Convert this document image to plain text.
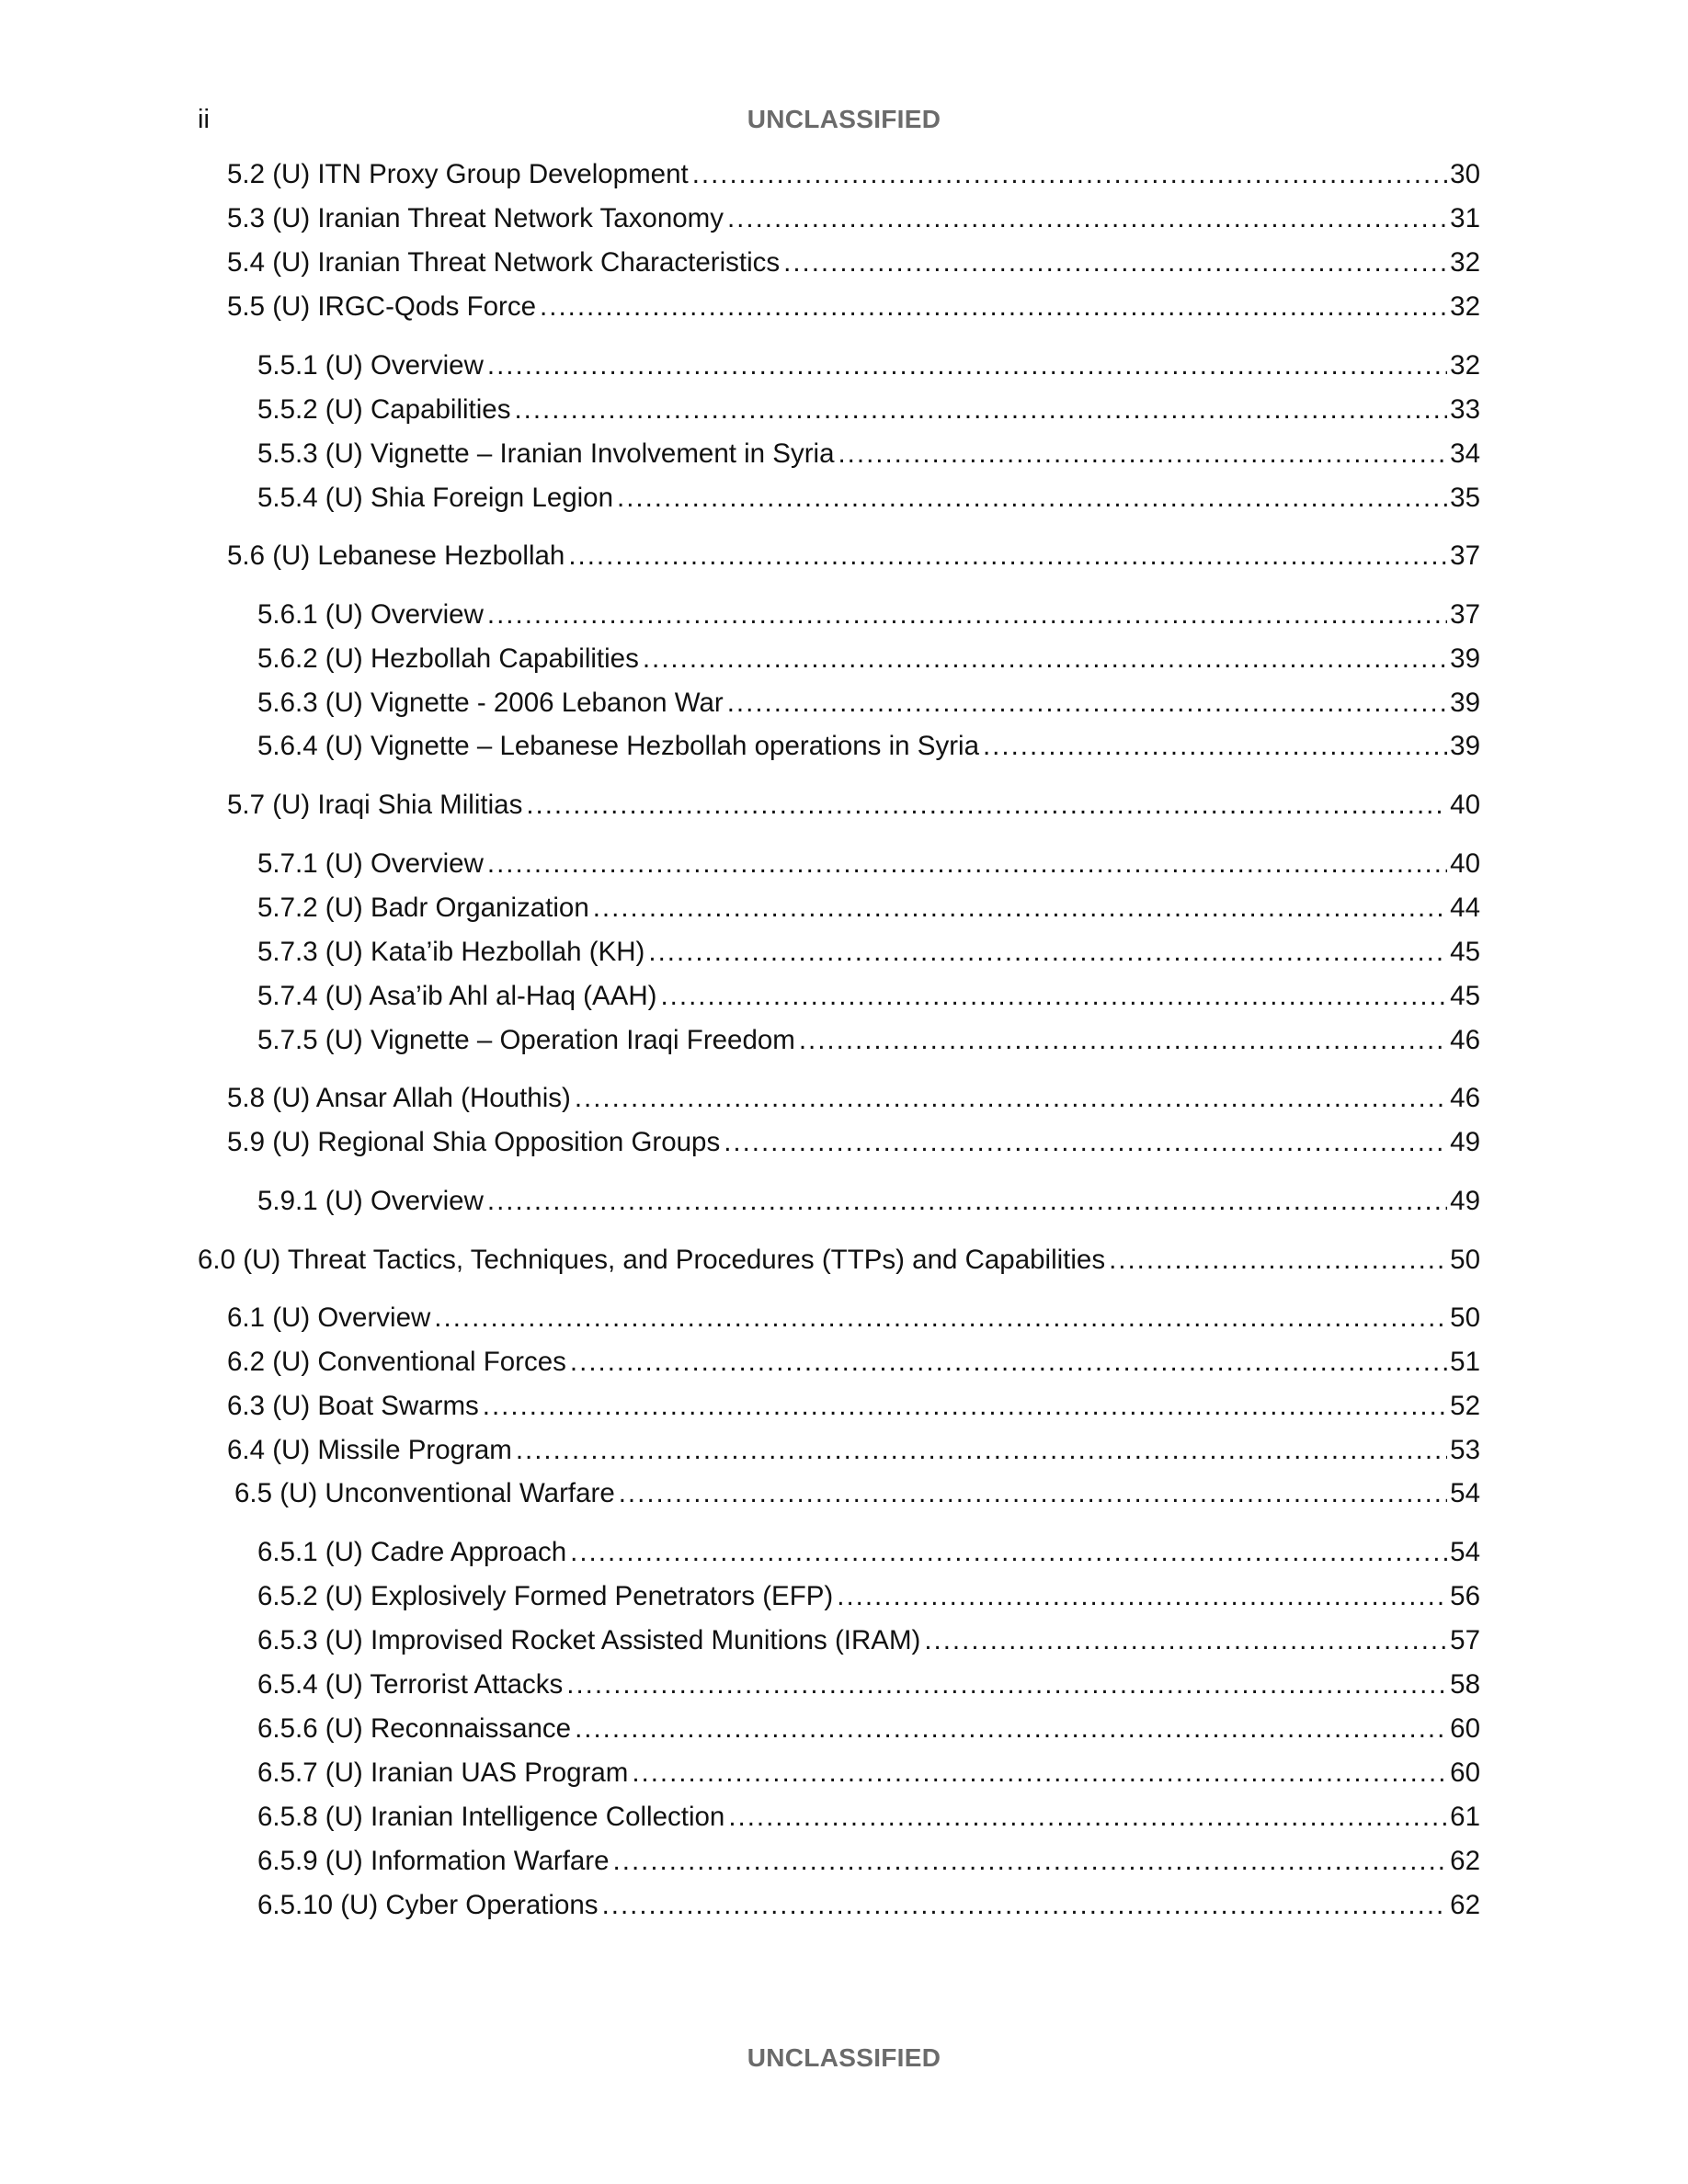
ii	UNCLASSIFIED
5.2 (U) ITN Proxy Group Development .....	30
5.3 (U) Iranian Threat Network Taxonomy .....	31
5.4 (U) Iranian Threat Network Characteristics .....	32
5.5 (U) IRGC-Qods Force .....	32
5.5.1 (U) Overview .....	32
5.5.2 (U) Capabilities .....	33
5.5.3 (U) Vignette – Iranian Involvement in Syria .....	34
5.5.4 (U) Shia Foreign Legion .....	35
5.6 (U) Lebanese Hezbollah .....	37
5.6.1 (U) Overview .....	37
5.6.2 (U) Hezbollah Capabilities .....	39
5.6.3 (U) Vignette - 2006 Lebanon War .....	39
5.6.4 (U) Vignette – Lebanese Hezbollah operations in Syria .....	39
5.7 (U) Iraqi Shia Militias .....	40
5.7.1 (U) Overview .....	40
5.7.2 (U) Badr Organization .....	44
5.7.3 (U) Kata’ib Hezbollah (KH) .....	45
5.7.4 (U) Asa’ib Ahl al-Haq (AAH) .....	45
5.7.5 (U) Vignette – Operation Iraqi Freedom .....	46
5.8 (U) Ansar Allah (Houthis) .....	46
5.9 (U) Regional Shia Opposition Groups .....	49
5.9.1 (U) Overview .....	49
6.0 (U) Threat Tactics, Techniques, and Procedures (TTPs) and Capabilities .....	50
6.1 (U) Overview .....	50
6.2 (U) Conventional Forces .....	51
6.3 (U) Boat Swarms .....	52
6.4 (U) Missile Program .....	53
6.5 (U) Unconventional Warfare .....	54
6.5.1 (U) Cadre Approach .....	54
6.5.2 (U) Explosively Formed Penetrators (EFP) .....	56
6.5.3 (U) Improvised Rocket Assisted Munitions (IRAM) .....	57
6.5.4 (U) Terrorist Attacks .....	58
6.5.6 (U) Reconnaissance .....	60
6.5.7 (U) Iranian UAS Program .....	60
6.5.8 (U) Iranian Intelligence Collection .....	61
6.5.9 (U) Information Warfare .....	62
6.5.10 (U) Cyber Operations .....	62
UNCLASSIFIED
